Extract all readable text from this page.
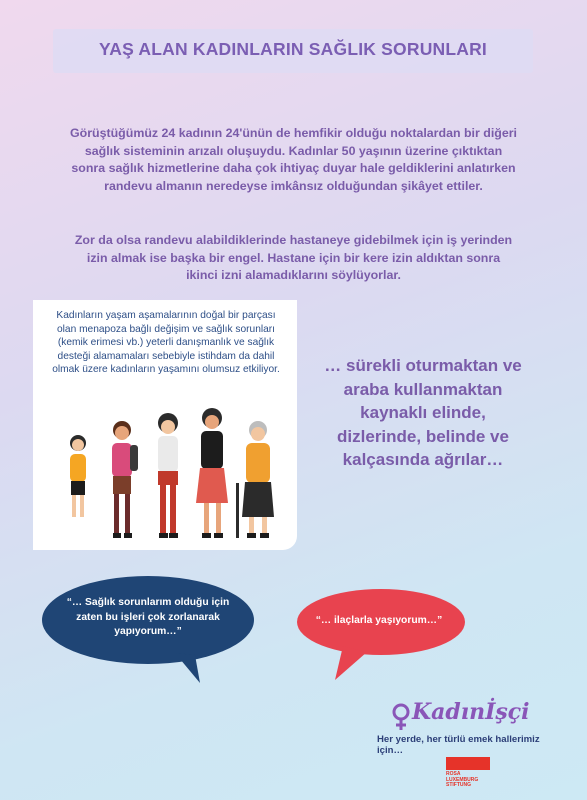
YAŞ ALAN KADINLARIN SAĞLIK SORUNLARI
Görüştüğümüz 24 kadının 24'ünün de hemfikir olduğu noktalardan bir diğeri sağlık sisteminin arızalı oluşuydu. Kadınlar 50 yaşının üzerine çıktıktan sonra sağlık hizmetlerine daha çok ihtiyaç duyar hale geldiklerini anlatırken randevu almanın neredeyse imkânsız olduğundan şikâyet ettiler.
Zor da olsa randevu alabildiklerinde hastaneye gidebilmek için iş yerinden izin almak ise başka bir engel. Hastane için bir kere izin aldıktan sonra ikinci izni alamadıklarını söylüyorlar.
Kadınların yaşam aşamalarının doğal bir parçası olan menapoza bağlı değişim ve sağlık sorunları (kemik erimesi vb.) yeterli danışmanlık ve sağlık desteği alamamaları sebebiyle istihdam da dahil olmak üzere kadınların yaşamını olumsuz etkiliyor.	… sürekli oturmaktan ve araba kullanmaktan kaynaklı elinde, dizlerinde, belinde ve kalçasında ağrılar…
“… Sağlık sorunlarım olduğu için zaten bu işleri çok zorlanarak yapıyorum…”
“… ilaçlarla yaşıyorum…”
Kadınİşçi
Her yerde, her türlü emek hallerimiz için…
ROSA
LUXEMBURG
STIFTUNG
